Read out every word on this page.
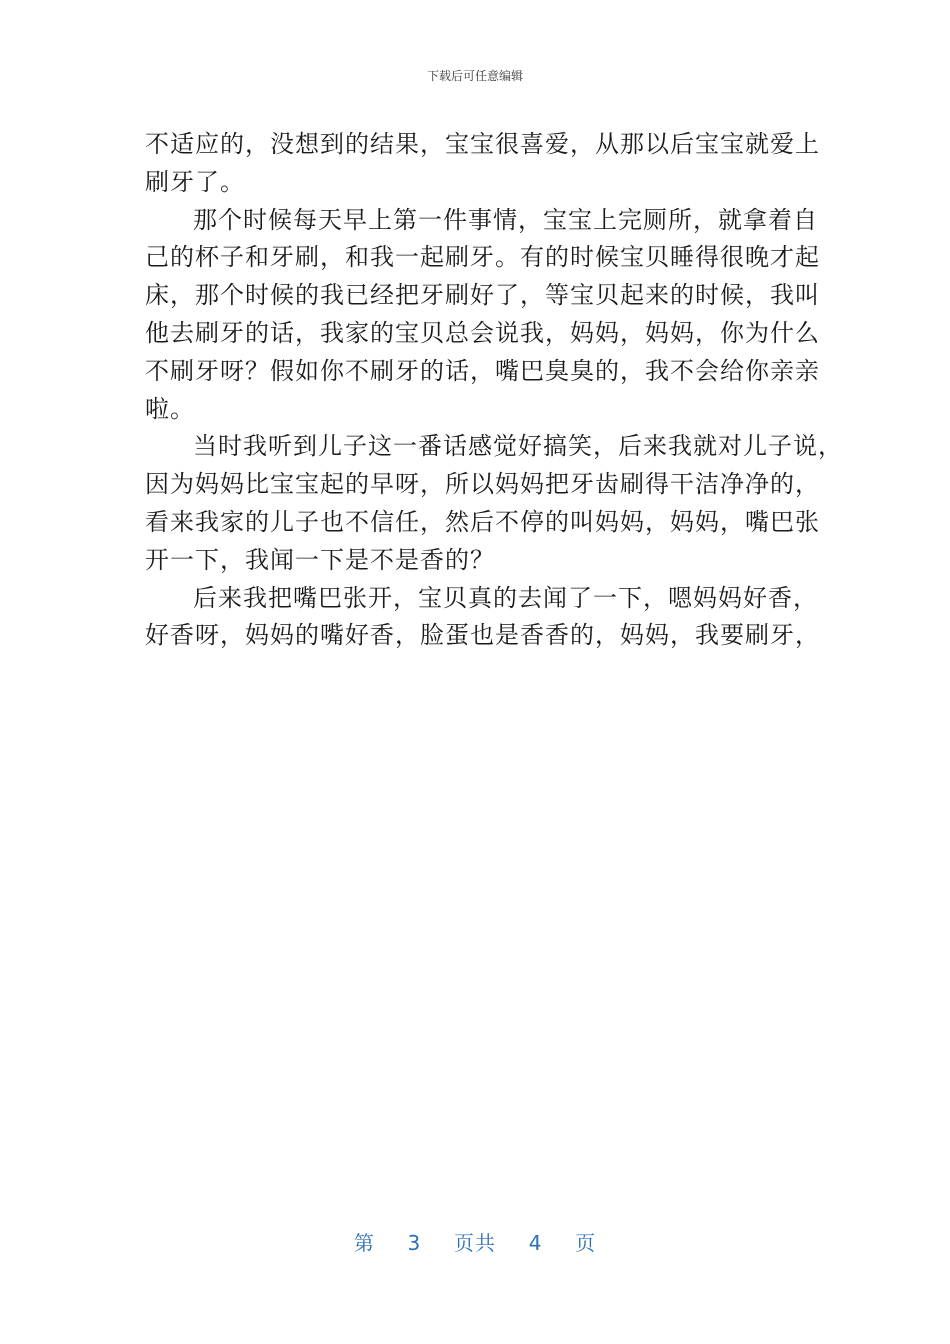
下载后可任意编辑
不适应的，没想到的结果，宝宝很喜爱，从那以后宝宝就爱上
刷牙了。
那个时候每天早上第一件事情，宝宝上完厕所，就拿着自
己的杯子和牙刷，和我一起刷牙。有的时候宝贝睡得很晚才起
床，那个时候的我已经把牙刷好了，等宝贝起来的时候，我叫
他去刷牙的话，我家的宝贝总会说我，妈妈，妈妈，你为什么
不刷牙呀？假如你不刷牙的话，嘴巴臭臭的，我不会给你亲亲
啦。
当时我听到儿子这一番话感觉好搞笑，后来我就对儿子说，
因为妈妈比宝宝起的早呀，所以妈妈把牙齿刷得干洁净净的，
看来我家的儿子也不信任，然后不停的叫妈妈，妈妈，嘴巴张
开一下，我闻一下是不是香的？
后来我把嘴巴张开，宝贝真的去闻了一下，嗯妈妈好香，
好香呀，妈妈的嘴好香，脸蛋也是香香的，妈妈，我要刷牙，
第 3 页共 4 页
